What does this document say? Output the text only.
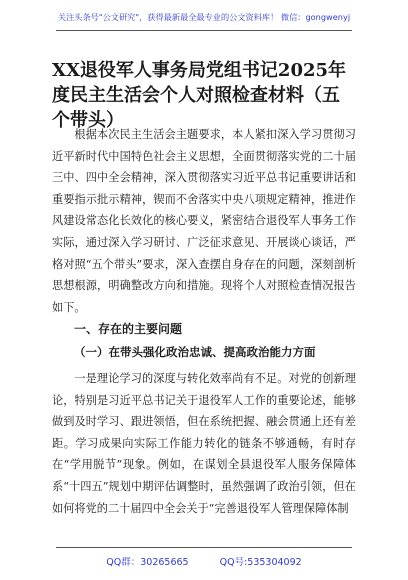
关注头条号"公文研究"，获得最新最全最专业的公文资料库！ 微信：gongwenyj
XX退役军人事务局党组书记2025年度民主生活会个人对照检查材料（五个带头）
根据本次民主生活会主题要求，本人紧扣深入学习贯彻习近平新时代中国特色社会主义思想，全面贯彻落实党的二十届三中、四中全会精神，深入贯彻落实习近平总书记重要讲话和重要指示批示精神，锲而不舍落实中央八项规定精神，推进作风建设常态化长效化的核心要义，紧密结合退役军人事务工作实际，通过深入学习研讨、广泛征求意见、开展谈心谈话，严格对照“五个带头”要求，深入查摆自身存在的问题，深刻剖析思想根源，明确整改方向和措施。现将个人对照检查情况报告如下。
一、存在的主要问题
（一）在带头强化政治忠诚、提高政治能力方面
一是理论学习的深度与转化效率尚有不足。对党的创新理论，特别是习近平总书记关于退役军人工作的重要论述，能够做到及时学习、跟进领悟，但在系统把握、融会贯通上还有差距。学习成果向实际工作能力转化的链条不够通畅，有时存在“学用脱节”现象。例如，在谋划全县退役军人服务保障体系“十四五”规划中期评估调整时，虽然强调了政治引领，但在如何将党的二十届四中全会关于“完善退役军人管理保障体制
QQ群：30265665	QQ号:535304092
